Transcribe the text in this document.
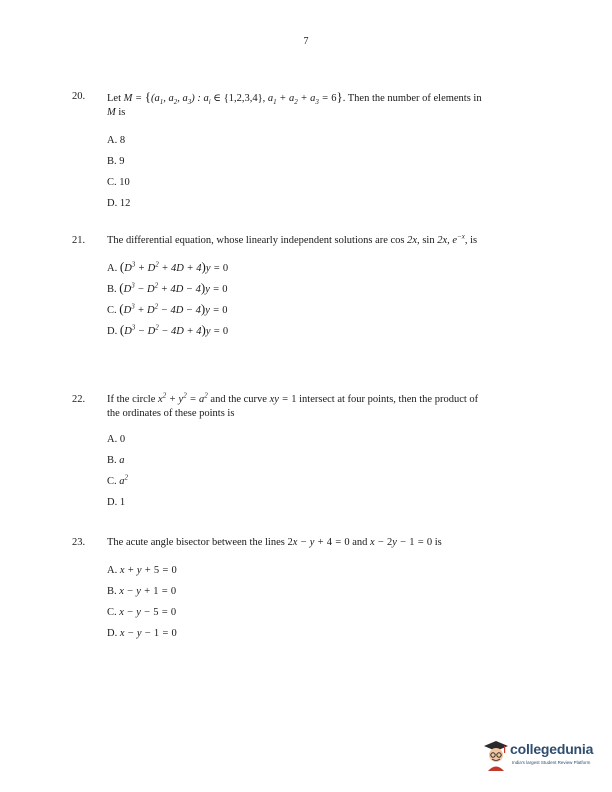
7
20. Let $M = \{(a_1$, $a_2$, $a_3$) : $a_i$ ∈ {1,2,3,4}, $a_1 + a_2 + a_3 = 6$}. Then the number of elements in
M is
A. 8
B. 9
C. 10
D. 12
21. The differential equation, whose linearly independent solutions are cos 2x, sin 2x, $e^{-x}$, is
A. $(D^3 + D^2 + 4D + 4)y = 0$
B. $(D^3 - D^2 + 4D - 4)y = 0$
C. $(D^3 + D^2 - 4D - 4)y = 0$
D. $(D^3 - D^2 - 4D + 4)y = 0$
22. If the circle $x^2 + y^2 = a^2$ and the curve xy = 1 intersect at four points, then the product of
the ordinates of these points is
A. 0
B. a
C. $a^2$
D. 1
23. The acute angle bisector between the lines 2x − y + 4 = 0 and x − 2y − 1 = 0 is
A. x + y + 5 = 0
B. x − y + 1 = 0
C. x − y − 5 = 0
D. x − y − 1 = 0
collegedunia
India's largest Student Review Platform
